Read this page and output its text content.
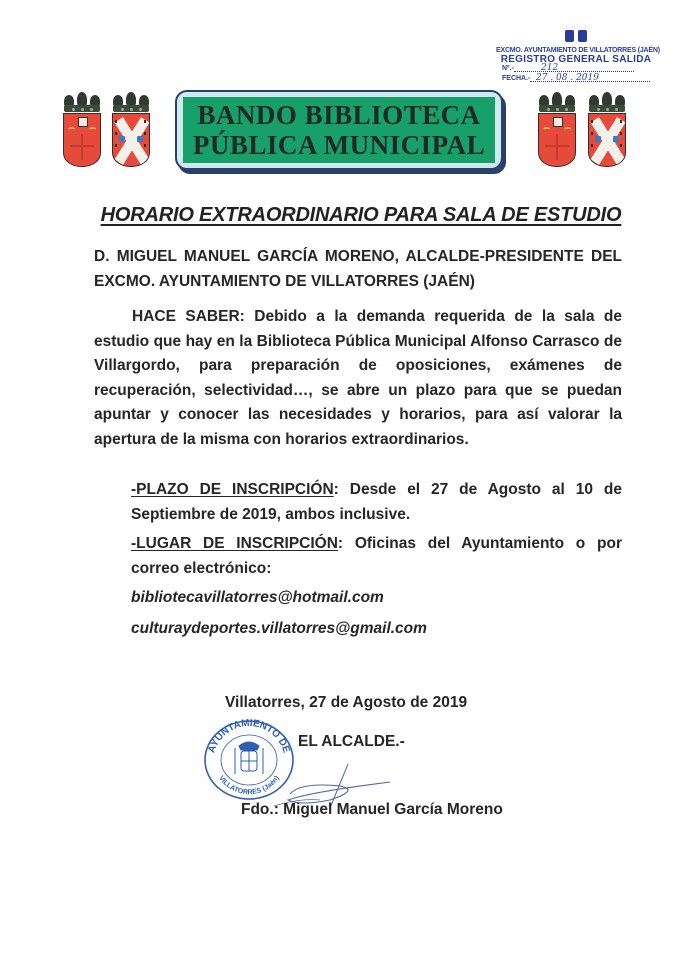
EXCMO. AYUNTAMIENTO DE VILLATORRES (JAÉN)
REGISTRO GENERAL SALIDA
Nº.-	212
FECHA.- 27 . 08 . 2019
BANDO BIBLIOTECA
PÚBLICA MUNICIPAL
HORARIO EXTRAORDINARIO PARA SALA DE ESTUDIO
D. MIGUEL MANUEL GARCÍA MORENO, ALCALDE-PRESIDENTE DEL EXCMO. AYUNTAMIENTO DE VILLATORRES (JAÉN)
HACE SABER: Debido a la demanda requerida de la sala de estudio que hay en la Biblioteca Pública Municipal Alfonso Carrasco de Villargordo, para preparación de oposiciones, exámenes de recuperación, selectividad…, se abre un plazo para que se puedan apuntar y conocer las necesidades y horarios, para así valorar la apertura de la misma con horarios extraordinarios.
-PLAZO DE INSCRIPCIÓN: Desde el 27 de Agosto al 10 de Septiembre de 2019, ambos inclusive.
-LUGAR DE INSCRIPCIÓN: Oficinas del Ayuntamiento o por correo electrónico:
bibliotecavillatorres@hotmail.com
culturaydeportes.villatorres@gmail.com
Villatorres, 27 de Agosto de 2019
AYUNTAMIENTO DE
VILLATORRES (Jaén)
EL ALCALDE.-
Fdo.: Miguel Manuel García Moreno
